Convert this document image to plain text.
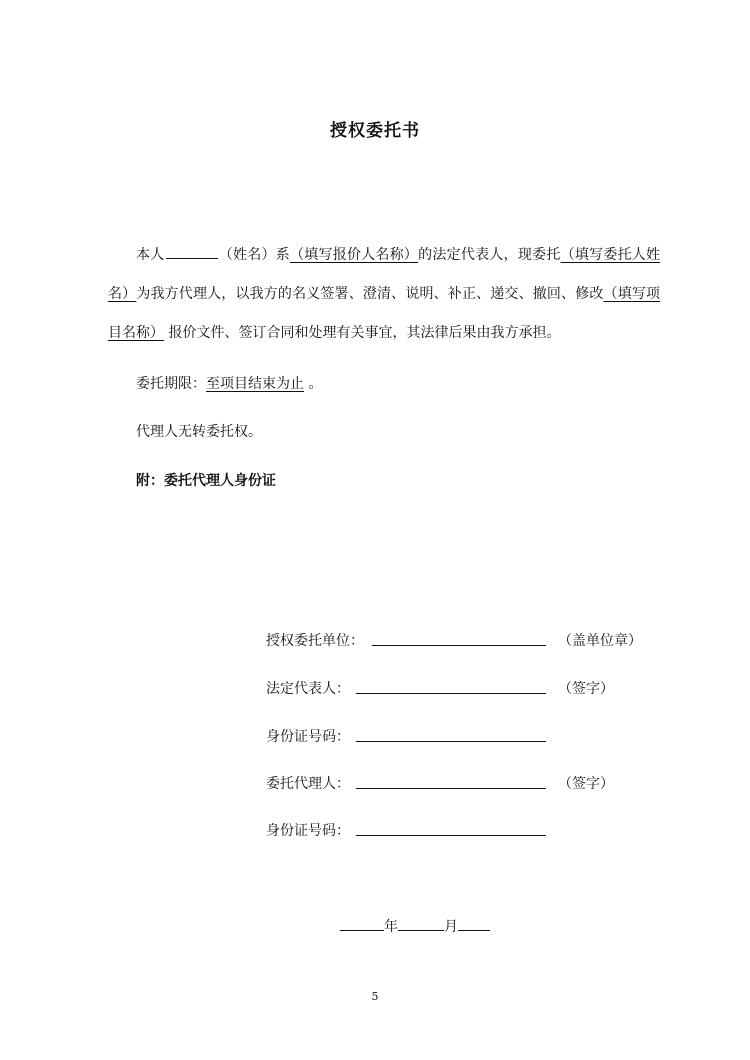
授权委托书
本人	（姓名）系（填写报价人名称）的法定代表人，现委托（填写委托人姓名）为我方代理人，以我方的名义签署、澄清、说明、补正、递交、撤回、修改（填写项目名称） 报价文件、签订合同和处理有关事宜，其法律后果由我方承担。
委托期限：至项目结束为止 。
代理人无转委托权。
附：委托代理人身份证
授权委托单位：	（盖单位章）
法定代表人：	（签字）
身份证号码：
委托代理人：	（签字）
身份证号码：
年	月
5
